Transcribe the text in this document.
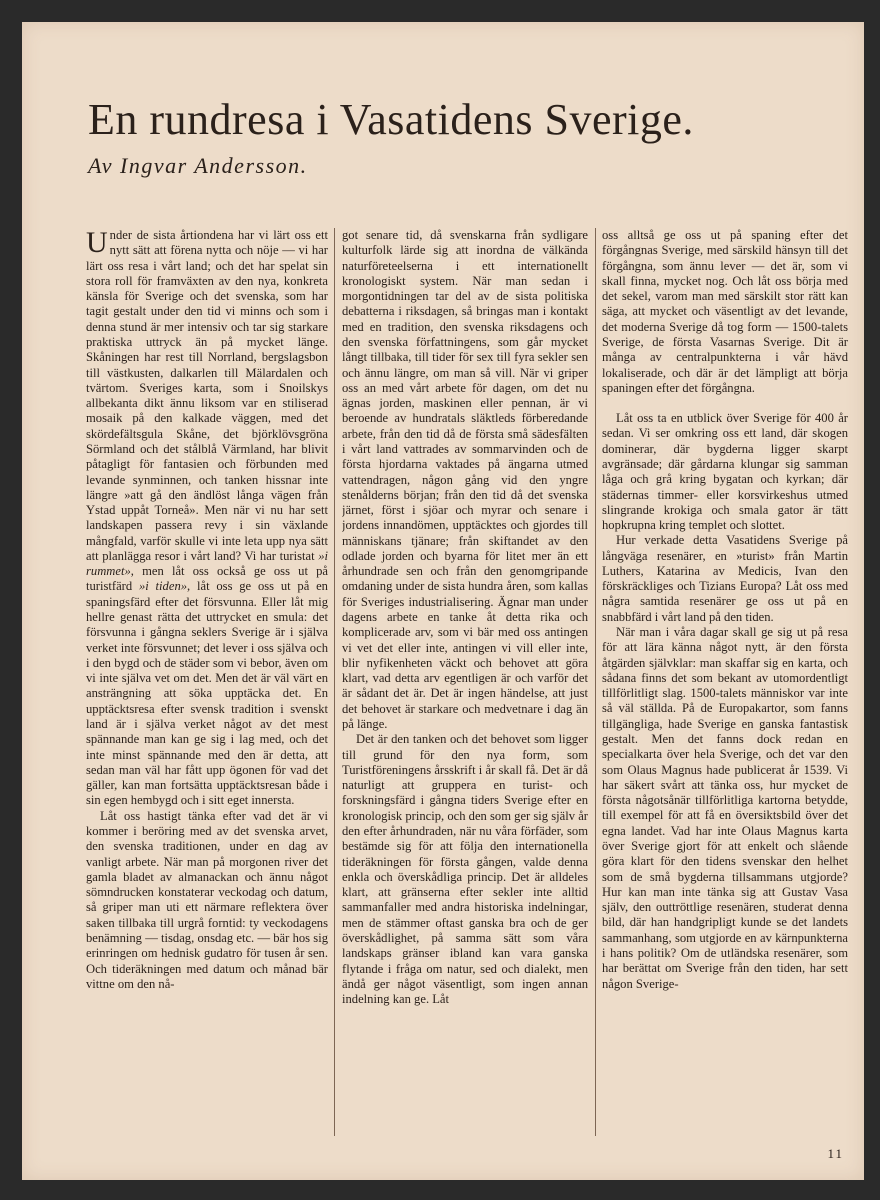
En rundresa i Vasatidens Sverige.
Av Ingvar Andersson.

Under de sista årtiondena har vi lärt oss ett nytt sätt att förena nytta och nöje — vi har lärt oss resa i vårt land; och det har spelat sin stora roll för framväxten av den nya, konkreta känsla för Sverige och det svenska, som har tagit gestalt under den tid vi minns och som i denna stund är mer intensiv och tar sig starkare praktiska uttryck än på mycket länge. Skåningen har rest till Norrland, bergslagsbon till västkusten, dalkarlen till Mälardalen och tvärtom. Sveriges karta, som i Snoilskys allbekanta dikt ännu liksom var en stiliserad mosaik på den kalkade väggen, med det skördefältsgula Skåne, det björklövsgröna Sörmland och det stålblå Värmland, har blivit påtagligt för fantasien och förbunden med levande synminnen, och tanken hissnar inte längre »att gå den ändlöst långa vägen från Ystad uppåt Torneå». Men när vi nu har sett landskapen passera revy i sin växlande mångfald, varför skulle vi inte leta upp nya sätt att planlägga resor i vårt land? Vi har turistat »i rummet», men låt oss också ge oss ut på turistfärd »i tiden», låt oss ge oss ut på en spaningsfärd efter det försvunna. Eller låt mig hellre genast rätta det uttrycket en smula: det försvunna i gångna seklers Sverige är i själva verket inte försvunnet; det lever i oss själva och i den bygd och de städer som vi bebor, även om vi inte själva vet om det. Men det är väl värt en ansträngning att söka upptäcka det. En upptäcktsresa efter svensk tradition i svenskt land är i själva verket något av det mest spännande man kan ge sig i lag med, och det inte minst spännande med den är detta, att sedan man väl har fått upp ögonen för vad det gäller, kan man fortsätta upptäcktsresan både i sin egen hembygd och i sitt eget innersta.

Låt oss hastigt tänka efter vad det är vi kommer i beröring med av det svenska arvet, den svenska traditionen, under en dag av vanligt arbete. När man på morgonen river det gamla bladet av almanackan och ännu något sömndrucken konstaterar veckodag och datum, så griper man uti ett närmare reflektera över saken tillbaka till urgrå forntid: ty veckodagens benämning — tisdag, onsdag etc. — bär hos sig erinringen om hednisk gudatro för tusen år sen. Och tideräkningen med datum och månad bär vittne om den nå-

got senare tid, då svenskarna från sydligare kulturfolk lärde sig att inordna de välkända naturföreteelserna i ett internationellt kronologiskt system. När man sedan i morgontidningen tar del av de sista politiska debatterna i riksdagen, så bringas man i kontakt med en tradition, den svenska riksdagens och den svenska författningens, som går mycket långt tillbaka, till tider för sex till fyra sekler sen och ännu längre, om man så vill. När vi griper oss an med vårt arbete för dagen, om det nu ägnas jorden, maskinen eller pennan, är vi beroende av hundratals släktleds förberedande arbete, från den tid då de första små sädesfälten i vårt land vattrades av sommarvinden och de första hjordarna vaktades på ängarna utmed vattendragen, någon gång vid den yngre stenålderns början; från den tid då det svenska järnet, först i sjöar och myrar och senare i jordens innandömen, upptäcktes och gjordes till människans tjänare; från skiftandet av den odlade jorden och byarna för litet mer än ett århundrade sen och från den genomgripande omdaning under de sista hundra åren, som kallas för Sveriges industrialisering. Ägnar man under dagens arbete en tanke åt detta rika och komplicerade arv, som vi bär med oss antingen vi vet det eller inte, antingen vi vill eller inte, blir nyfikenheten väckt och behovet att göra klart, vad detta arv egentligen är och varför det är sådant det är. Det är ingen händelse, att just det behovet är starkare och medvetnare i dag än på länge.

Det är den tanken och det behovet som ligger till grund för den nya form, som Turistföreningens årsskrift i år skall få. Det är då naturligt att gruppera en turist- och forskningsfärd i gångna tiders Sverige efter en kronologisk princip, och den som ger sig själv år den efter århundraden, när nu våra förfäder, som bestämde sig för att följa den internationella tideräkningen för första gången, valde denna enkla och överskådliga princip. Det är alldeles klart, att gränserna efter sekler inte alltid sammanfaller med andra historiska indelningar, men de stämmer oftast ganska bra och de ger överskådlighet, på samma sätt som våra landskaps gränser ibland kan vara ganska flytande i fråga om natur, sed och dialekt, men ändå ger något väsentligt, som ingen annan indelning kan ge. Låt

oss alltså ge oss ut på spaning efter det förgångnas Sverige, med särskild hänsyn till det förgångna, som ännu lever — det är, som vi skall finna, mycket nog. Och låt oss börja med det sekel, varom man med särskilt stor rätt kan säga, att mycket och väsentligt av det levande, det moderna Sverige då tog form — 1500-talets Sverige, de första Vasarnas Sverige. Dit är många av centralpunkterna i vår hävd lokaliserade, och där är det lämpligt att börja spaningen efter det förgångna.

Låt oss ta en utblick över Sverige för 400 år sedan. Vi ser omkring oss ett land, där skogen dominerar, där bygderna ligger skarpt avgränsade; där gårdarna klungar sig samman låga och grå kring bygatan och kyrkan; där städernas timmer- eller korsvirkeshus utmed slingrande krokiga och smala gator är tätt hopkrupna kring templet och slottet.

Hur verkade detta Vasatidens Sverige på långväga resenärer, en »turist» från Martin Luthers, Katarina av Medicis, Ivan den förskräckliges och Tizians Europa? Låt oss med några samtida resenärer ge oss ut på en snabbfärd i vårt land på den tiden.

När man i våra dagar skall ge sig ut på resa för att lära känna något nytt, är den första åtgärden självklar: man skaffar sig en karta, och sådana finns det som bekant av utomordentligt tillförlitligt slag. 1500-talets människor var inte så väl ställda. På de Europakartor, som fanns tillgängliga, hade Sverige en ganska fantastisk gestalt. Men det fanns dock redan en specialkarta över hela Sverige, och det var den som Olaus Magnus hade publicerat år 1539. Vi har säkert svårt att tänka oss, hur mycket de första någotsånär tillförlitliga kartorna betydde, till exempel för att få en översiktsbild över det egna landet. Vad har inte Olaus Magnus karta över Sverige gjort för att enkelt och slående göra klart för den tidens svenskar den helhet som de små bygderna tillsammans utgjorde? Hur kan man inte tänka sig att Gustav Vasa själv, den outtröttlige resenären, studerat denna bild, där han handgripligt kunde se det landets sammanhang, som utgjorde en av kärnpunkterna i hans politik? Om de utländska resenärer, som har berättat om Sverige från den tiden, har sett någon Sverige-

11
